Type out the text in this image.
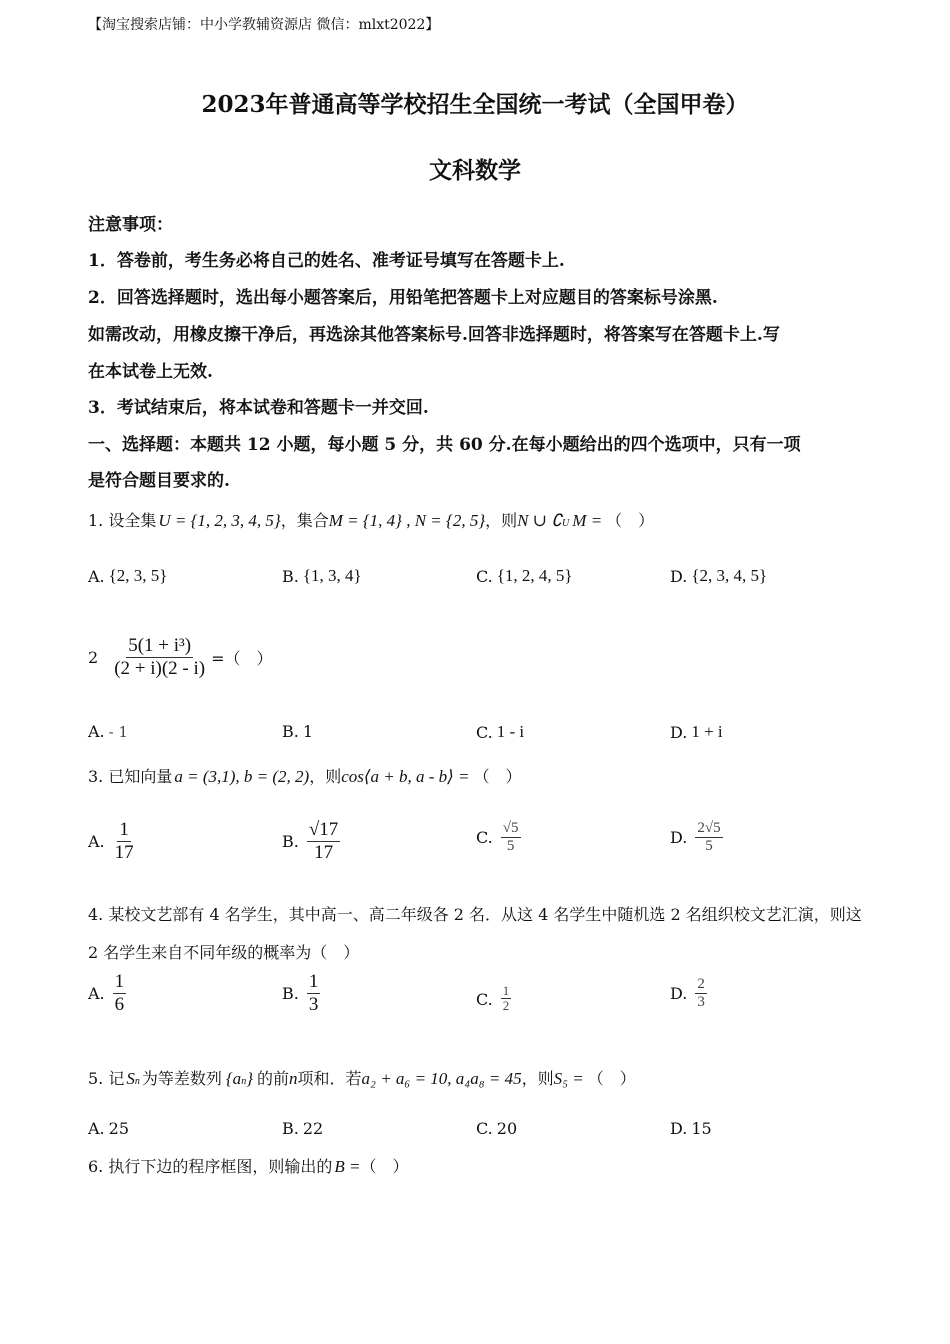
【淘宝搜索店铺：中小学教辅资源店 微信：mlxt2022】
2023年普通高等学校招生全国统一考试（全国甲卷）
文科数学
注意事项：
1．答卷前，考生务必将自己的姓名、准考证号填写在答题卡上.
2．回答选择题时，选出每小题答案后，用铅笔把答题卡上对应题目的答案标号涂黑.
如需改动，用橡皮擦干净后，再选涂其他答案标号.回答非选择题时，将答案写在答题卡上.写
在本试卷上无效.
3．考试结束后，将本试卷和答题卡一并交回.
一、选择题：本题共 12 小题，每小题 5 分，共 60 分.在每小题给出的四个选项中，只有一项
是符合题目要求的.
1. 设全集 U = {1, 2, 3, 4, 5} ，集合 M = {1, 4} , N = {2, 5} ，则 N ∪ ∁ U M = （　）
A. {2, 3, 5}	B. {1, 3, 4}	C. {1, 2, 4, 5}	D. {2, 3, 4, 5}
$2 \frac{\text{5(1 + i³)}}{(2 + i)(2 - i)}$ =（　）
A. - 1	B. 1	C. 1 - i	D. 1 + i
3. 已知向量 a = (3,1), b = (2, 2) ，则 cos⟨a + b, a - b⟩ = （　）
A. $\frac{1}{17}$	B. $\frac{√17}{17}$	C. $\frac{√5}{5}$	D. $\frac{2√5}{5}$
4. 某校文艺部有 4 名学生，其中高一、高二年级各 2 名．从这 4 名学生中随机选 2 名组织校文艺汇演，则这
2 名学生来自不同年级的概率为（　）
A. $\frac{1}{6}$	B. $\frac{1}{3}$	C. $\frac{1}{2}$	D. $\frac{2}{3}$
5. 记 S n 为等差数列 {a n } 的前 n 项和．若 a₂ + a₆ = 10, a₄a₈ = 45 ，则 S₅ = （　）
A. 25	B. 22	C. 20	D. 15
6. 执行下边的程序框图，则输出的 B = （　）
